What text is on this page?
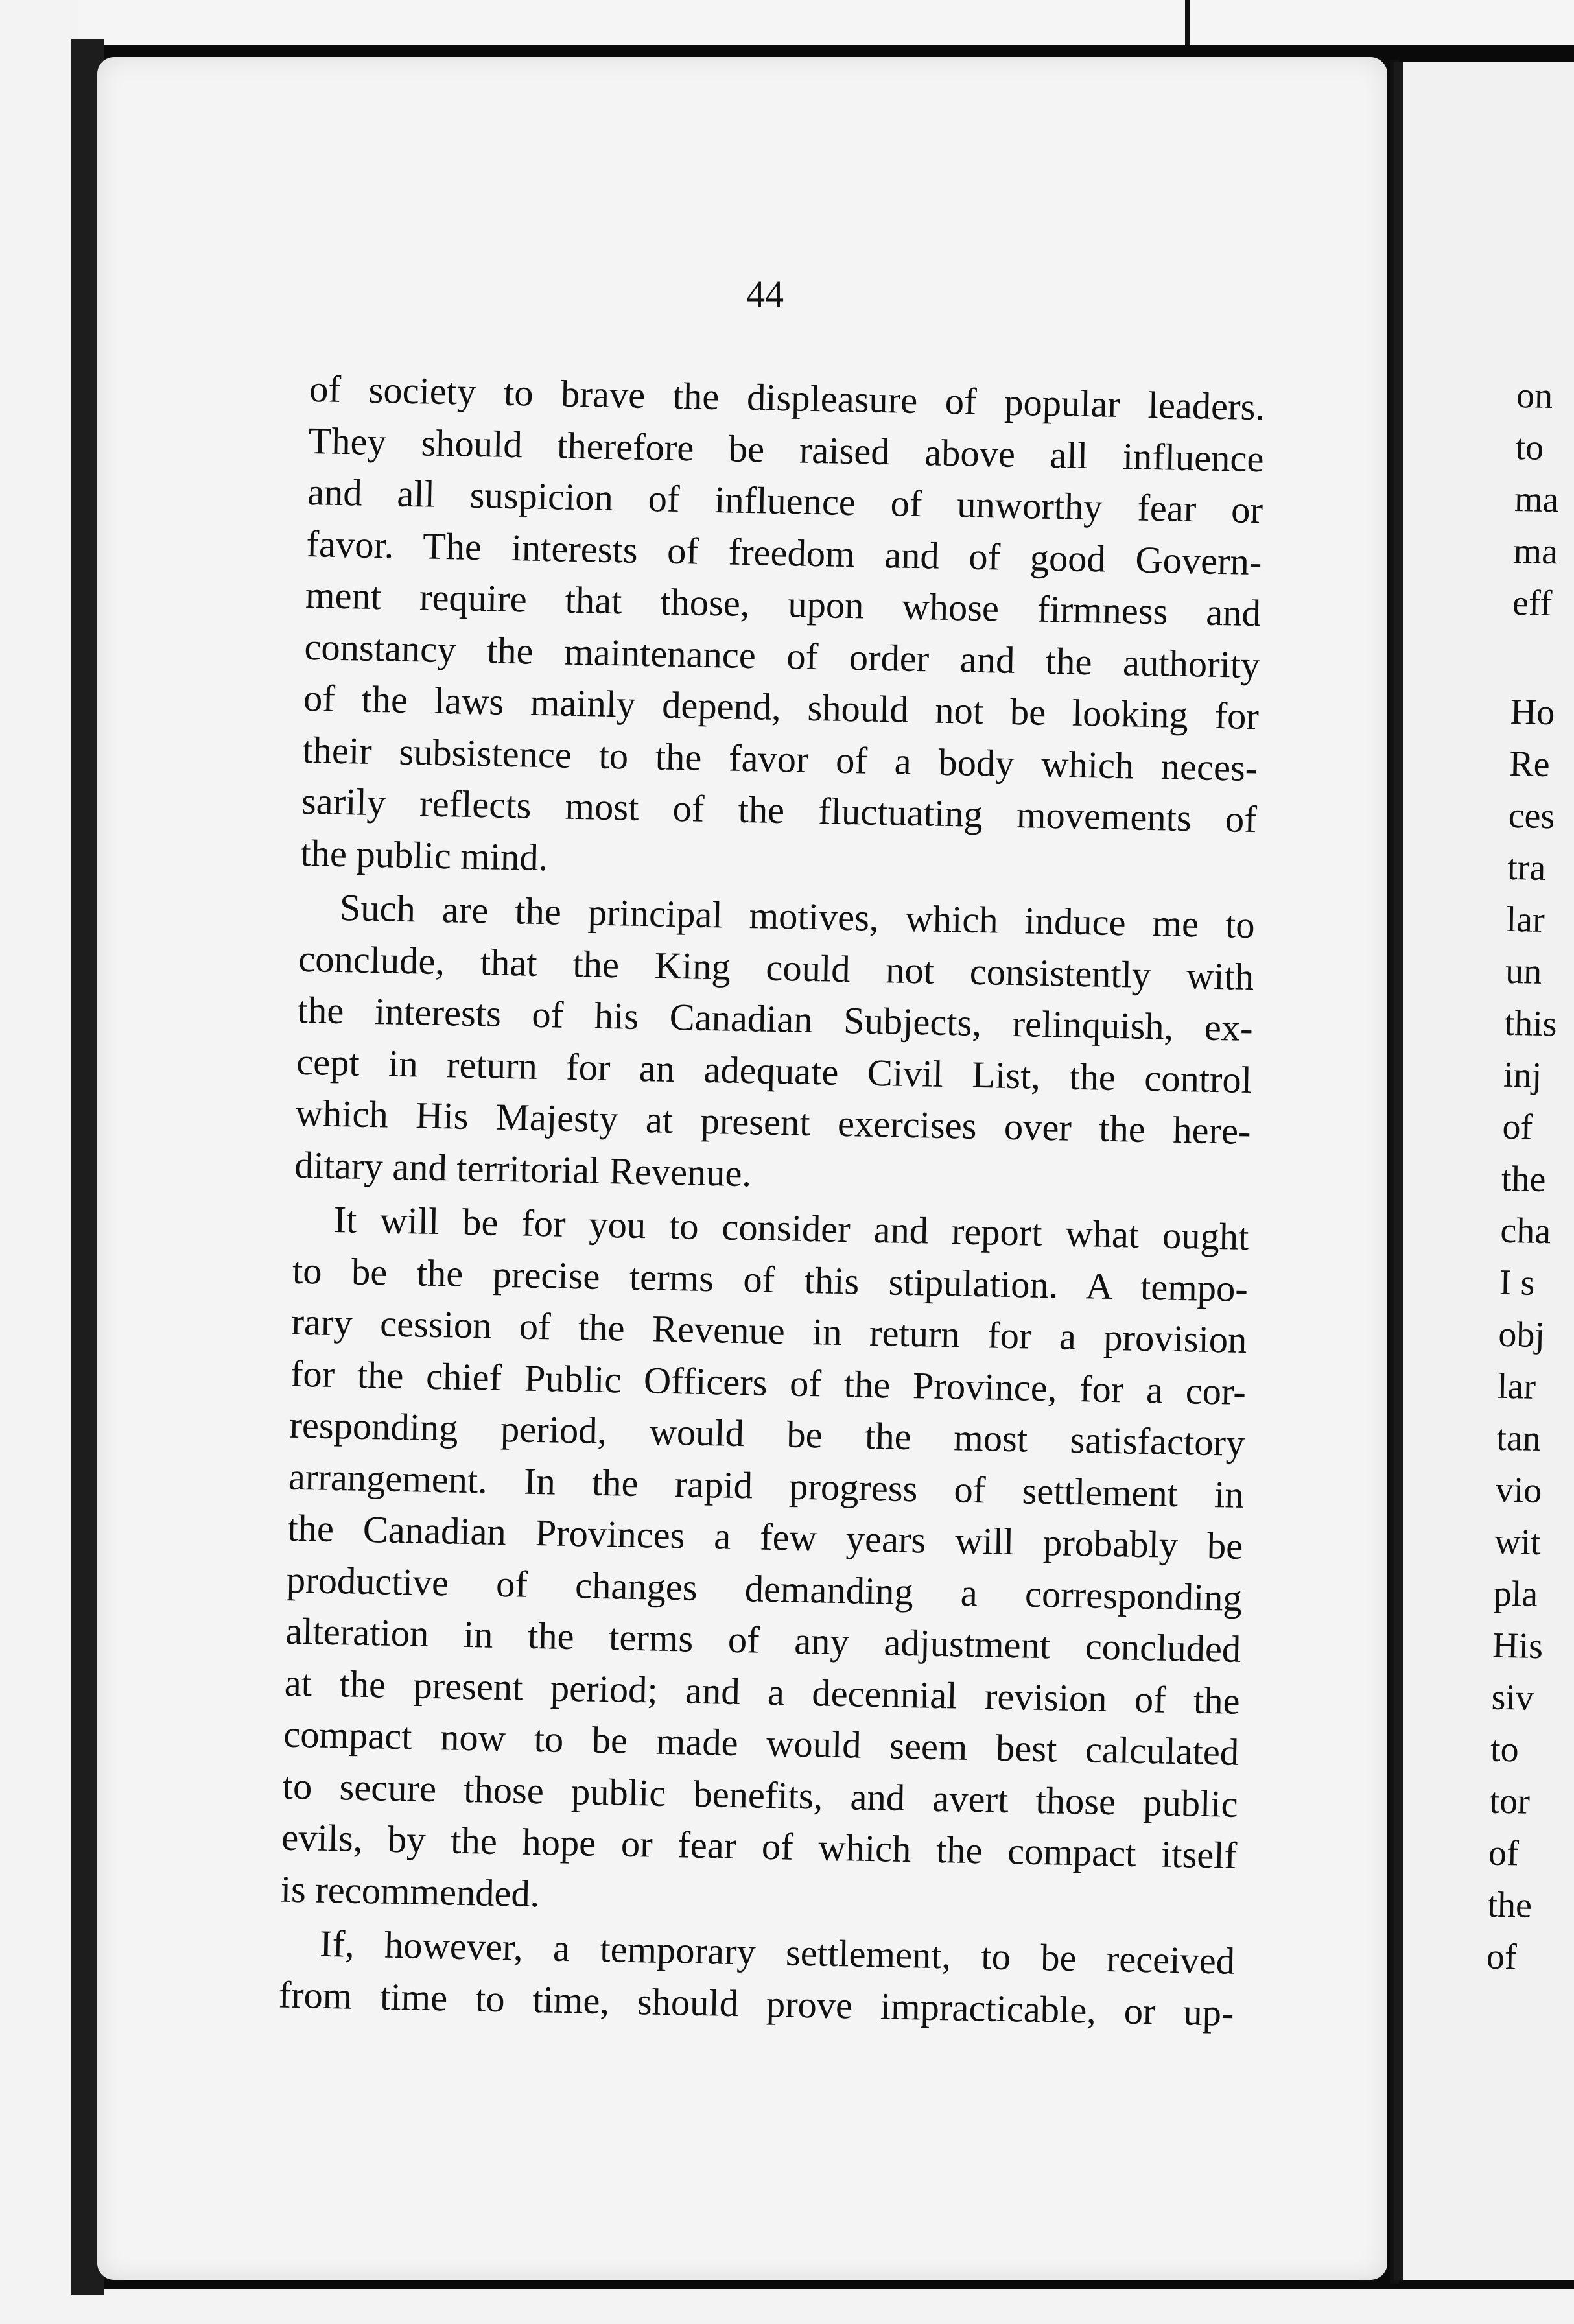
44

of society to brave the displeasure of popular leaders.
They should therefore be raised above all influence
and all suspicion of influence of unworthy fear or
favor. The interests of freedom and of good Govern-
ment require that those, upon whose firmness and
constancy the maintenance of order and the authority
of the laws mainly depend, should not be looking for
their subsistence to the favor of a body which neces-
sarily reflects most of the fluctuating movements of
the public mind.

Such are the principal motives, which induce me to
conclude, that the King could not consistently with
the interests of his Canadian Subjects, relinquish, ex-
cept in return for an adequate Civil List, the control
which His Majesty at present exercises over the here-
ditary and territorial Revenue.

It will be for you to consider and report what ought
to be the precise terms of this stipulation. A tempo-
rary cession of the Revenue in return for a provision
for the chief Public Officers of the Province, for a cor-
responding period, would be the most satisfactory
arrangement. In the rapid progress of settlement in
the Canadian Provinces a few years will probably be
productive of changes demanding a corresponding
alteration in the terms of any adjustment concluded
at the present period; and a decennial revision of the
compact now to be made would seem best calculated
to secure those public benefits, and avert those public
evils, by the hope or fear of which the compact itself
is recommended.

If, however, a temporary settlement, to be received
from time to time, should prove impracticable, or up-

on
to
ma
ma
eff
Ho
Re
ces
tra
lar
un
this
inj
of
the
cha
I s
obj
lar
tan
vio
wit
pla
His
siv
to
tor
of
the
of
